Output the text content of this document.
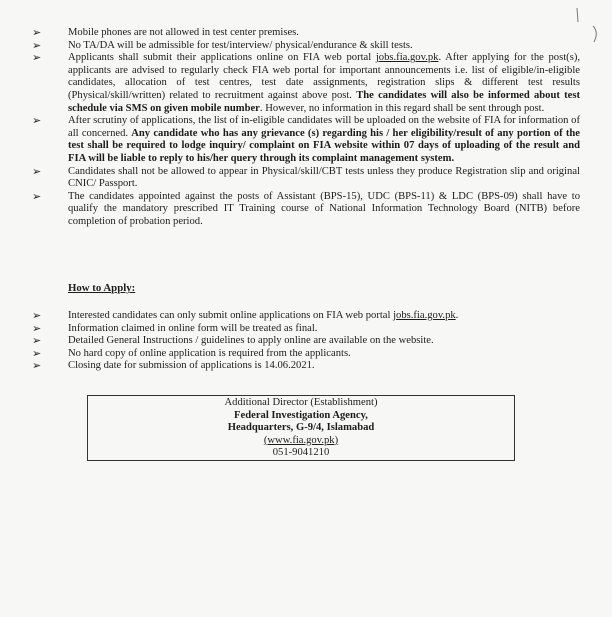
➢	Mobile phones are not allowed in test center premises.
➢	No TA/DA will be admissible for test/interview/ physical/endurance & skill tests.
➢	Applicants shall submit their applications online on FIA web portal jobs.fia.gov.pk. After applying for the post(s), applicants are advised to regularly check FIA web portal for important announcements i.e. list of eligible/in-eligible candidates, allocation of test centres, test date assignments, registration slips & different test results (Physical/skill/written) related to recruitment against above post. The candidates will also be informed about test schedule via SMS on given mobile number. However, no information in this regard shall be sent through post.
➢	After scrutiny of applications, the list of in-eligible candidates will be uploaded on the website of FIA for information of all concerned. Any candidate who has any grievance (s) regarding his / her eligibility/result of any portion of the test shall be required to lodge inquiry/ complaint on FIA website within 07 days of uploading of the result and FIA will be liable to reply to his/her query through its complaint management system.
➢	Candidates shall not be allowed to appear in Physical/skill/CBT tests unless they produce Registration slip and original CNIC/ Passport.
➢	The candidates appointed against the posts of Assistant (BPS-15), UDC (BPS-11) & LDC (BPS-09) shall have to qualify the mandatory prescribed IT Training course of National Information Technology Board (NITB) before completion of probation period.
How to Apply:
➢	Interested candidates can only submit online applications on FIA web portal jobs.fia.gov.pk.
➢	Information claimed in online form will be treated as final.
➢	Detailed General Instructions / guidelines to apply online are available on the website.
➢	No hard copy of online application is required from the applicants.
➢	Closing date for submission of applications is 14.06.2021.
Additional Director (Establishment)
Federal Investigation Agency,
Headquarters, G-9/4, Islamabad
(www.fia.gov.pk)
051-9041210
